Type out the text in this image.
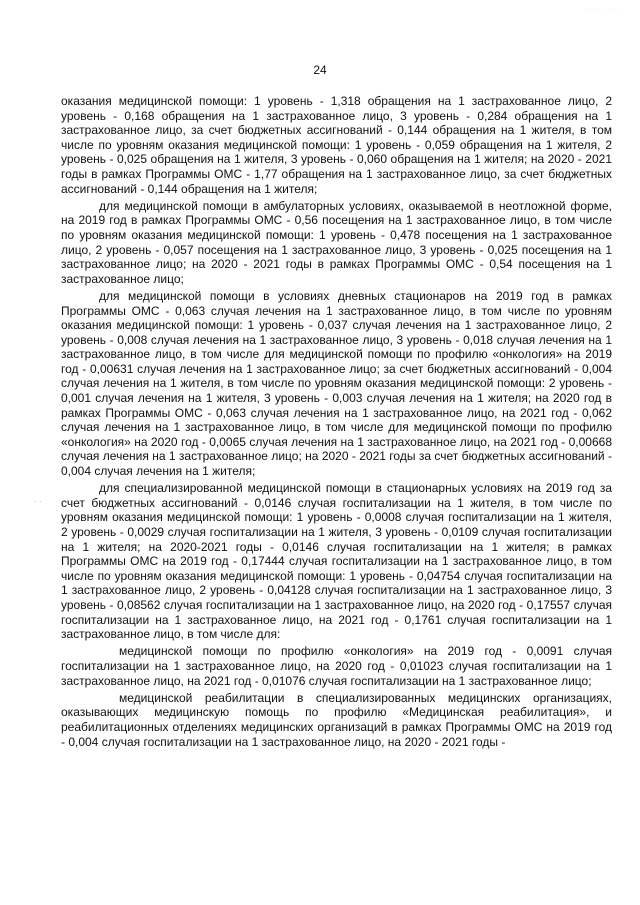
.... ....
24
· ·

оказания медицинской помощи: 1 уровень - 1,318 обращения на 1 застрахованное лицо, 2 уровень - 0,168 обращения на 1 застрахованное лицо, 3 уровень - 0,284 обращения на 1 застрахованное лицо, за счет бюджетных ассигнований - 0,144 обращения на 1 жителя, в том числе по уровням оказания медицинской помощи: 1 уровень - 0,059 обращения на 1 жителя, 2 уровень - 0,025 обращения на 1 жителя, 3 уровень - 0,060 обращения на 1 жителя; на 2020 - 2021 годы в рамках Программы ОМС - 1,77 обращения на 1 застрахованное лицо, за счет бюджетных ассигнований - 0,144 обращения на 1 жителя;

для медицинской помощи в амбулаторных условиях, оказываемой в неотложной форме, на 2019 год в рамках Программы ОМС - 0,56 посещения на 1 застрахованное лицо, в том числе по уровням оказания медицинской помощи: 1 уровень - 0,478 посещения на 1 застрахованное лицо, 2 уровень - 0,057 посещения на 1 застрахованное лицо, 3 уровень - 0,025 посещения на 1 застрахованное лицо; на 2020 - 2021 годы в рамках Программы ОМС - 0,54 посещения на 1 застрахованное лицо;

для медицинской помощи в условиях дневных стационаров на 2019 год в рамках Программы ОМС - 0,063 случая лечения на 1 застрахованное лицо, в том числе по уровням оказания медицинской помощи: 1 уровень - 0,037 случая лечения на 1 застрахованное лицо, 2 уровень - 0,008 случая лечения на 1 застрахованное лицо, 3 уровень - 0,018 случая лечения на 1 застрахованное лицо, в том числе для медицинской помощи по профилю «онкология» на 2019 год - 0,00631 случая лечения на 1 застрахованное лицо; за счет бюджетных ассигнований - 0,004 случая лечения на 1 жителя, в том числе по уровням оказания медицинской помощи: 2 уровень - 0,001 случая лечения на 1 жителя, 3 уровень - 0,003 случая лечения на 1 жителя; на 2020 год в рамках Программы ОМС - 0,063 случая лечения на 1 застрахованное лицо, на 2021 год - 0,062 случая лечения на 1 застрахованное лицо, в том числе для медицинской помощи по профилю «онкология» на 2020 год - 0,0065 случая лечения на 1 застрахованное лицо, на 2021 год - 0,00668 случая лечения на 1 застрахованное лицо; на 2020 - 2021 годы за счет бюджетных ассигнований - 0,004 случая лечения на 1 жителя;

для специализированной медицинской помощи в стационарных условиях на 2019 год за счет бюджетных ассигнований - 0,0146 случая госпитализации на 1 жителя, в том числе по уровням оказания медицинской помощи: 1 уровень - 0,0008 случая госпитализации на 1 жителя, 2 уровень - 0,0029 случая госпитализации на 1 жителя, 3 уровень - 0,0109 случая госпитализации на 1 жителя; на 2020-2021 годы - 0,0146 случая госпитализации на 1 жителя; в рамках Программы ОМС на 2019 год - 0,17444 случая госпитализации на 1 застрахованное лицо, в том числе по уровням оказания медицинской помощи: 1 уровень - 0,04754 случая госпитализации на 1 застрахованное лицо, 2 уровень - 0,04128 случая госпитализации на 1 застрахованное лицо, 3 уровень - 0,08562 случая госпитализации на 1 застрахованное лицо, на 2020 год - 0,17557 случая госпитализации на 1 застрахованное лицо, на 2021 год - 0,1761 случая госпитализации на 1 застрахованное лицо, в том числе для:

медицинской помощи по профилю «онкология» на 2019 год - 0,0091 случая госпитализации на 1 застрахованное лицо, на 2020 год - 0,01023 случая госпитализации на 1 застрахованное лицо, на 2021 год - 0,01076 случая госпитализации на 1 застрахованное лицо;

медицинской реабилитации в специализированных медицинских организациях, оказывающих медицинскую помощь по профилю «Медицинская реабилитация», и реабилитационных отделениях медицинских организаций в рамках Программы ОМС на 2019 год - 0,004 случая госпитализации на 1 застрахованное лицо, на 2020 - 2021 годы -
